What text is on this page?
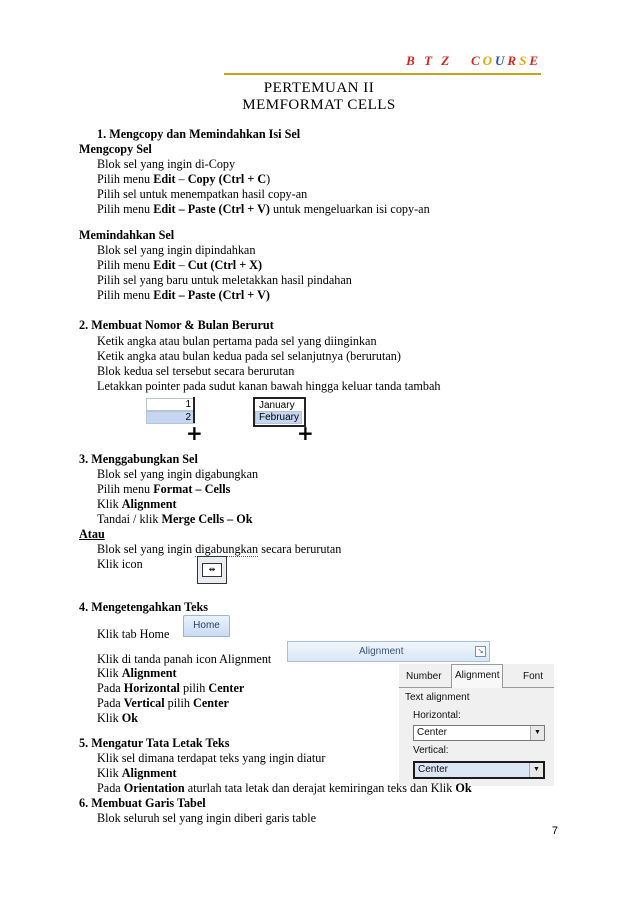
B T Z COURSE
PERTEMUAN II
MEMFORMAT CELLS
1. Mengcopy dan Memindahkan Isi Sel
Mengcopy Sel
Blok sel yang ingin di-Copy
Pilih menu Edit – Copy (Ctrl + C)
Pilih sel untuk menempatkan hasil copy-an
Pilih menu Edit – Paste (Ctrl + V) untuk mengeluarkan isi copy-an
Memindahkan Sel
Blok sel yang ingin dipindahkan
Pilih menu Edit – Cut (Ctrl + X)
Pilih sel yang baru untuk meletakkan hasil pindahan
Pilih menu Edit – Paste (Ctrl + V)
2. Membuat Nomor & Bulan Berurut
Ketik angka atau bulan pertama pada sel yang diinginkan
Ketik angka atau bulan kedua pada sel selanjutnya (berurutan)
Blok kedua sel tersebut secara berurutan
Letakkan pointer pada sudut kanan bawah hingga keluar tanda tambah
1
2
+
January
February
+
3. Menggabungkan Sel
Blok sel yang ingin digabungkan
Pilih menu Format – Cells
Klik Alignment
Tandai / klik Merge Cells – Ok
Atau
Blok sel yang ingin digabungkan secara berurutan
Klik icon	⇹
4. Mengetengahkan Teks
Klik tab Home
Home
Klik di tanda panah icon Alignment
Alignment	↘
Klik Alignment
Pada Horizontal pilih Center
Pada Vertical pilih Center
Klik Ok
Number	Alignment	Font
Text alignment
Horizontal:
Center	▼
Vertical:
Center	▼
5. Mengatur Tata Letak Teks
Klik sel dimana terdapat teks yang ingin diatur
Klik Alignment
Pada Orientation aturlah tata letak dan derajat kemiringan teks dan Klik Ok
6. Membuat Garis Tabel
Blok seluruh sel yang ingin diberi garis table
7
